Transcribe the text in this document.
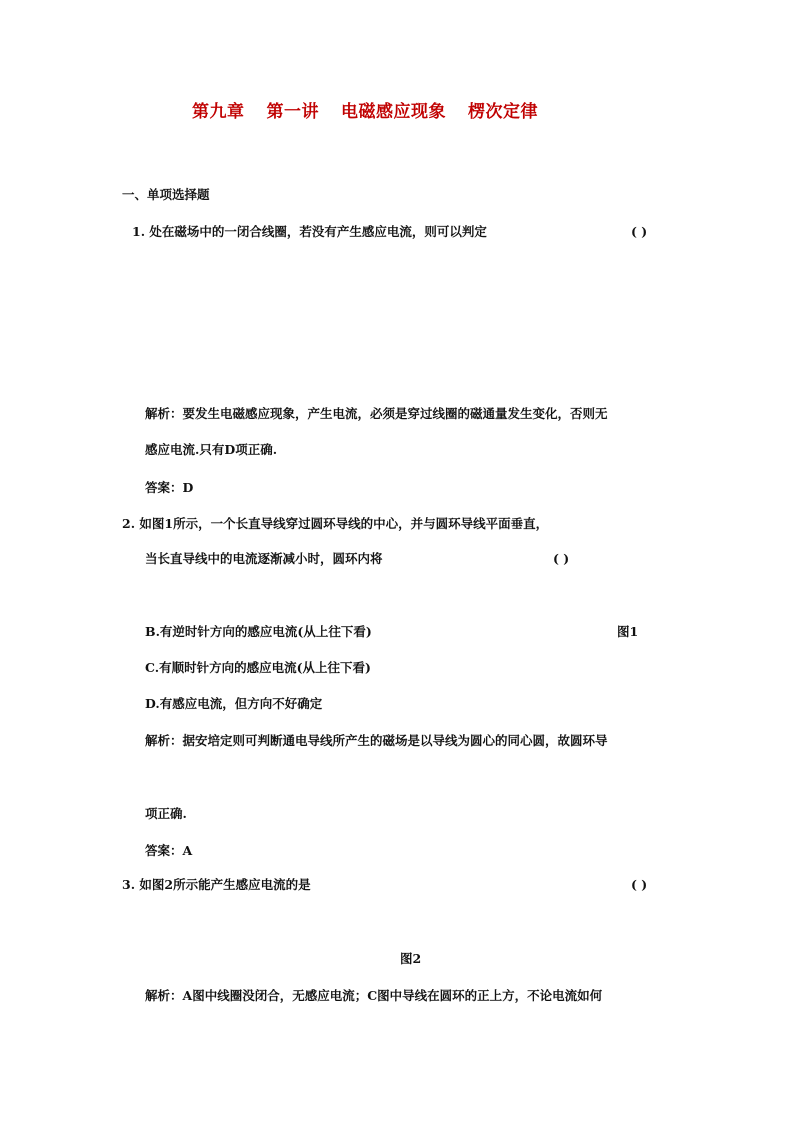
第九章 第一讲 电磁感应现象 楞次定律
一、单项选择题
1. 处在磁场中的一闭合线圈，若没有产生感应电流，则可以判定	( )
解析：要发生电磁感应现象，产生电流，必须是穿过线圈的磁通量发生变化，否则无
感应电流.只有D项正确.
答案：D
2. 如图1所示，一个长直导线穿过圆环导线的中心，并与圆环导线平面垂直，
当长直导线中的电流逐渐减小时，圆环内将	( )
B.有逆时针方向的感应电流(从上往下看)	图1
C.有顺时针方向的感应电流(从上往下看)
D.有感应电流，但方向不好确定
解析：据安培定则可判断通电导线所产生的磁场是以导线为圆心的同心圆，故圆环导
项正确.
答案：A
3. 如图2所示能产生感应电流的是	( )
图2
解析：A图中线圈没闭合，无感应电流；C图中导线在圆环的正上方，不论电流如何
